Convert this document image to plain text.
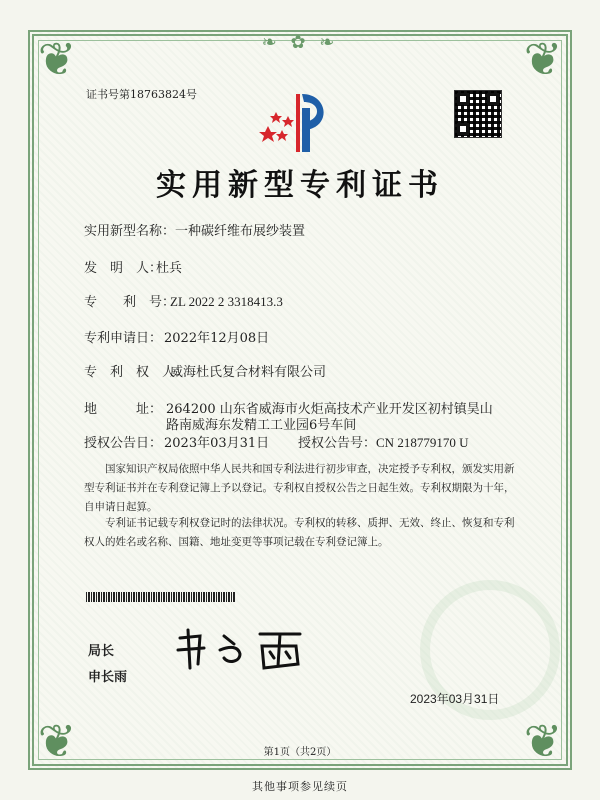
❦	❦
❦	❦
❧ ✿ ❧
证书号第18763824号
实用新型专利证书
实用新型名称：一种碳纤维布展纱装置
发　明　人：杜兵
专　　利　号：ZL 2022 2 3318413.3
专利申请日： 2022年12月08日
专　利　权　人：威海杜氏复合材料有限公司
地　　　址： 264200 山东省威海市火炬高技术产业开发区初村镇昊山
路南威海东发精工工业园6号车间
授权公告日： 2023年03月31日 授权公告号：CN 218779170 U
国家知识产权局依照中华人民共和国专利法进行初步审查，决定授予专利权，颁发实用新型专利证书并在专利登记簿上予以登记。专利权自授权公告之日起生效。专利权期限为十年，自申请日起算。
专利证书记载专利权登记时的法律状况。专利权的转移、质押、无效、终止、恢复和专利权人的姓名或名称、国籍、地址变更等事项记载在专利登记簿上。
局长
申长雨
2023年03月31日
第1页（共2页）
其他事项参见续页
